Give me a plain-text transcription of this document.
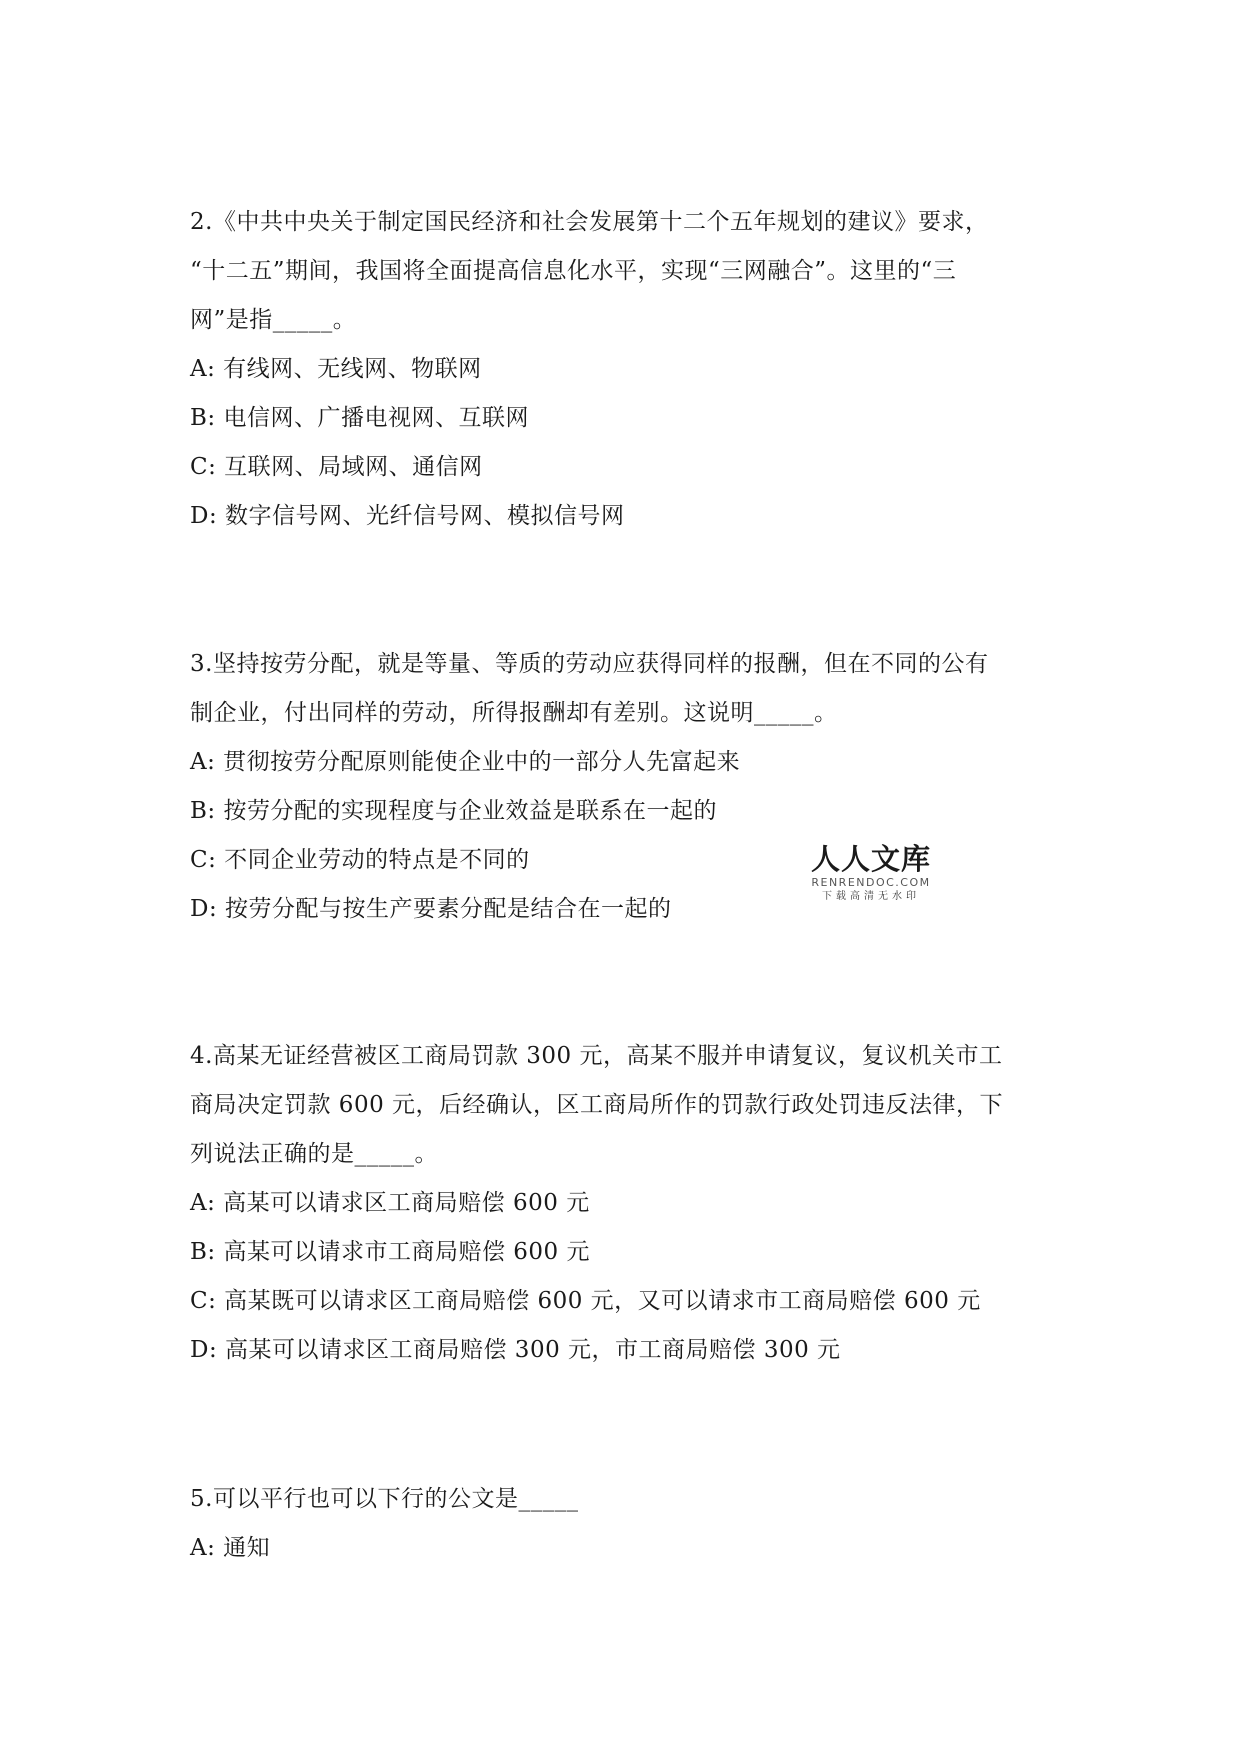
2.《中共中央关于制定国民经济和社会发展第十二个五年规划的建议》要求，
“十二五”期间，我国将全面提高信息化水平，实现“三网融合”。这里的“三
网”是指_____。
A: 有线网、无线网、物联网
B: 电信网、广播电视网、互联网
C: 互联网、局域网、通信网
D: 数字信号网、光纤信号网、模拟信号网
3.坚持按劳分配，就是等量、等质的劳动应获得同样的报酬，但在不同的公有
制企业，付出同样的劳动，所得报酬却有差别。这说明_____。
A: 贯彻按劳分配原则能使企业中的一部分人先富起来
B: 按劳分配的实现程度与企业效益是联系在一起的
C: 不同企业劳动的特点是不同的
D: 按劳分配与按生产要素分配是结合在一起的
人人文库
RENRENDOC.COM
下载高清无水印
4.高某无证经营被区工商局罚款 300 元，高某不服并申请复议，复议机关市工
商局决定罚款 600 元，后经确认，区工商局所作的罚款行政处罚违反法律，下
列说法正确的是_____。
A: 高某可以请求区工商局赔偿 600 元
B: 高某可以请求市工商局赔偿 600 元
C: 高某既可以请求区工商局赔偿 600 元，又可以请求市工商局赔偿 600 元
D: 高某可以请求区工商局赔偿 300 元，市工商局赔偿 300 元
5.可以平行也可以下行的公文是_____
A: 通知
